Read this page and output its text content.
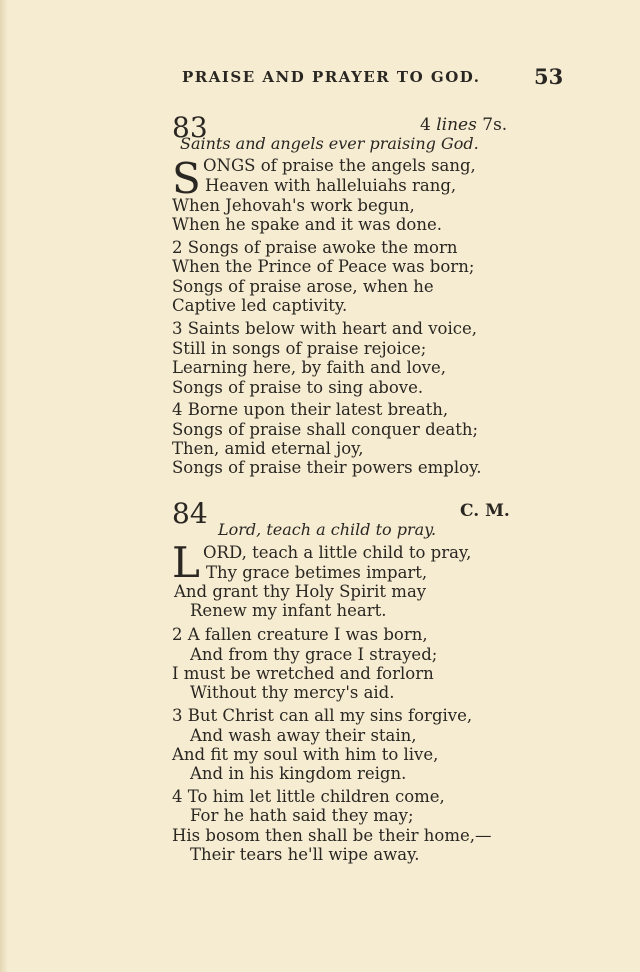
PRAISE AND PRAYER TO GOD.	53
83	4 lines 7s.
Saints and angels ever praising God.
S ONGS of praise the angels sang,
Heaven with halleluiahs rang,
When Jehovah's work begun,
When he spake and it was done.
2 Songs of praise awoke the morn
When the Prince of Peace was born;
Songs of praise arose, when he
Captive led captivity.
3 Saints below with heart and voice,
Still in songs of praise rejoice;
Learning here, by faith and love,
Songs of praise to sing above.
4 Borne upon their latest breath,
Songs of praise shall conquer death;
Then, amid eternal joy,
Songs of praise their powers employ.
84	C. M.
Lord, teach a child to pray.
L ORD, teach a little child to pray,
Thy grace betimes impart,
And grant thy Holy Spirit may
Renew my infant heart.
2 A fallen creature I was born,
And from thy grace I strayed;
I must be wretched and forlorn
Without thy mercy's aid.
3 But Christ can all my sins forgive,
And wash away their stain,
And fit my soul with him to live,
And in his kingdom reign.
4 To him let little children come,
For he hath said they may;
His bosom then shall be their home,—
Their tears he'll wipe away.
